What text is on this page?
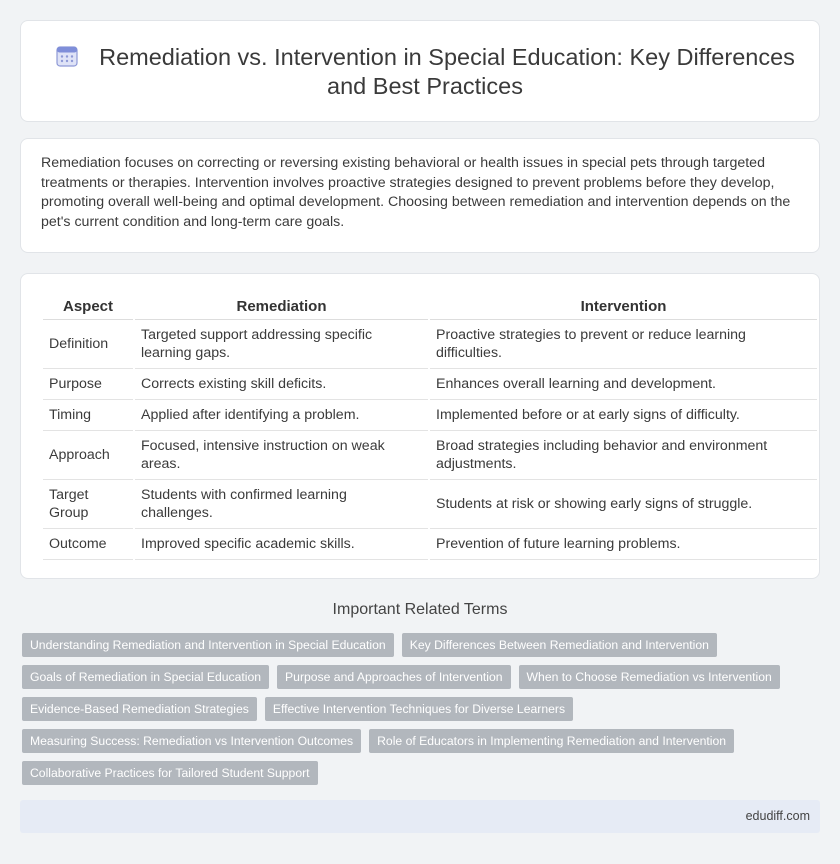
Remediation vs. Intervention in Special Education: Key Differences and Best Practices

Remediation focuses on correcting or reversing existing behavioral or health issues in special pets through targeted treatments or therapies. Intervention involves proactive strategies designed to prevent problems before they develop, promoting overall well-being and optimal development. Choosing between remediation and intervention depends on the pet's current condition and long-term care goals.

Aspect	Remediation	Intervention
Definition	Targeted support addressing specific learning gaps.	Proactive strategies to prevent or reduce learning difficulties.
Purpose	Corrects existing skill deficits.	Enhances overall learning and development.
Timing	Applied after identifying a problem.	Implemented before or at early signs of difficulty.
Approach	Focused, intensive instruction on weak areas.	Broad strategies including behavior and environment adjustments.
Target Group	Students with confirmed learning challenges.	Students at risk or showing early signs of struggle.
Outcome	Improved specific academic skills.	Prevention of future learning problems.
Important Related Terms
Understanding Remediation and Intervention in Special Education	Key Differences Between Remediation and Intervention
Goals of Remediation in Special Education	Purpose and Approaches of Intervention	When to Choose Remediation vs Intervention
Evidence-Based Remediation Strategies	Effective Intervention Techniques for Diverse Learners
Measuring Success: Remediation vs Intervention Outcomes	Role of Educators in Implementing Remediation and Intervention
Collaborative Practices for Tailored Student Support
edudiff.com
